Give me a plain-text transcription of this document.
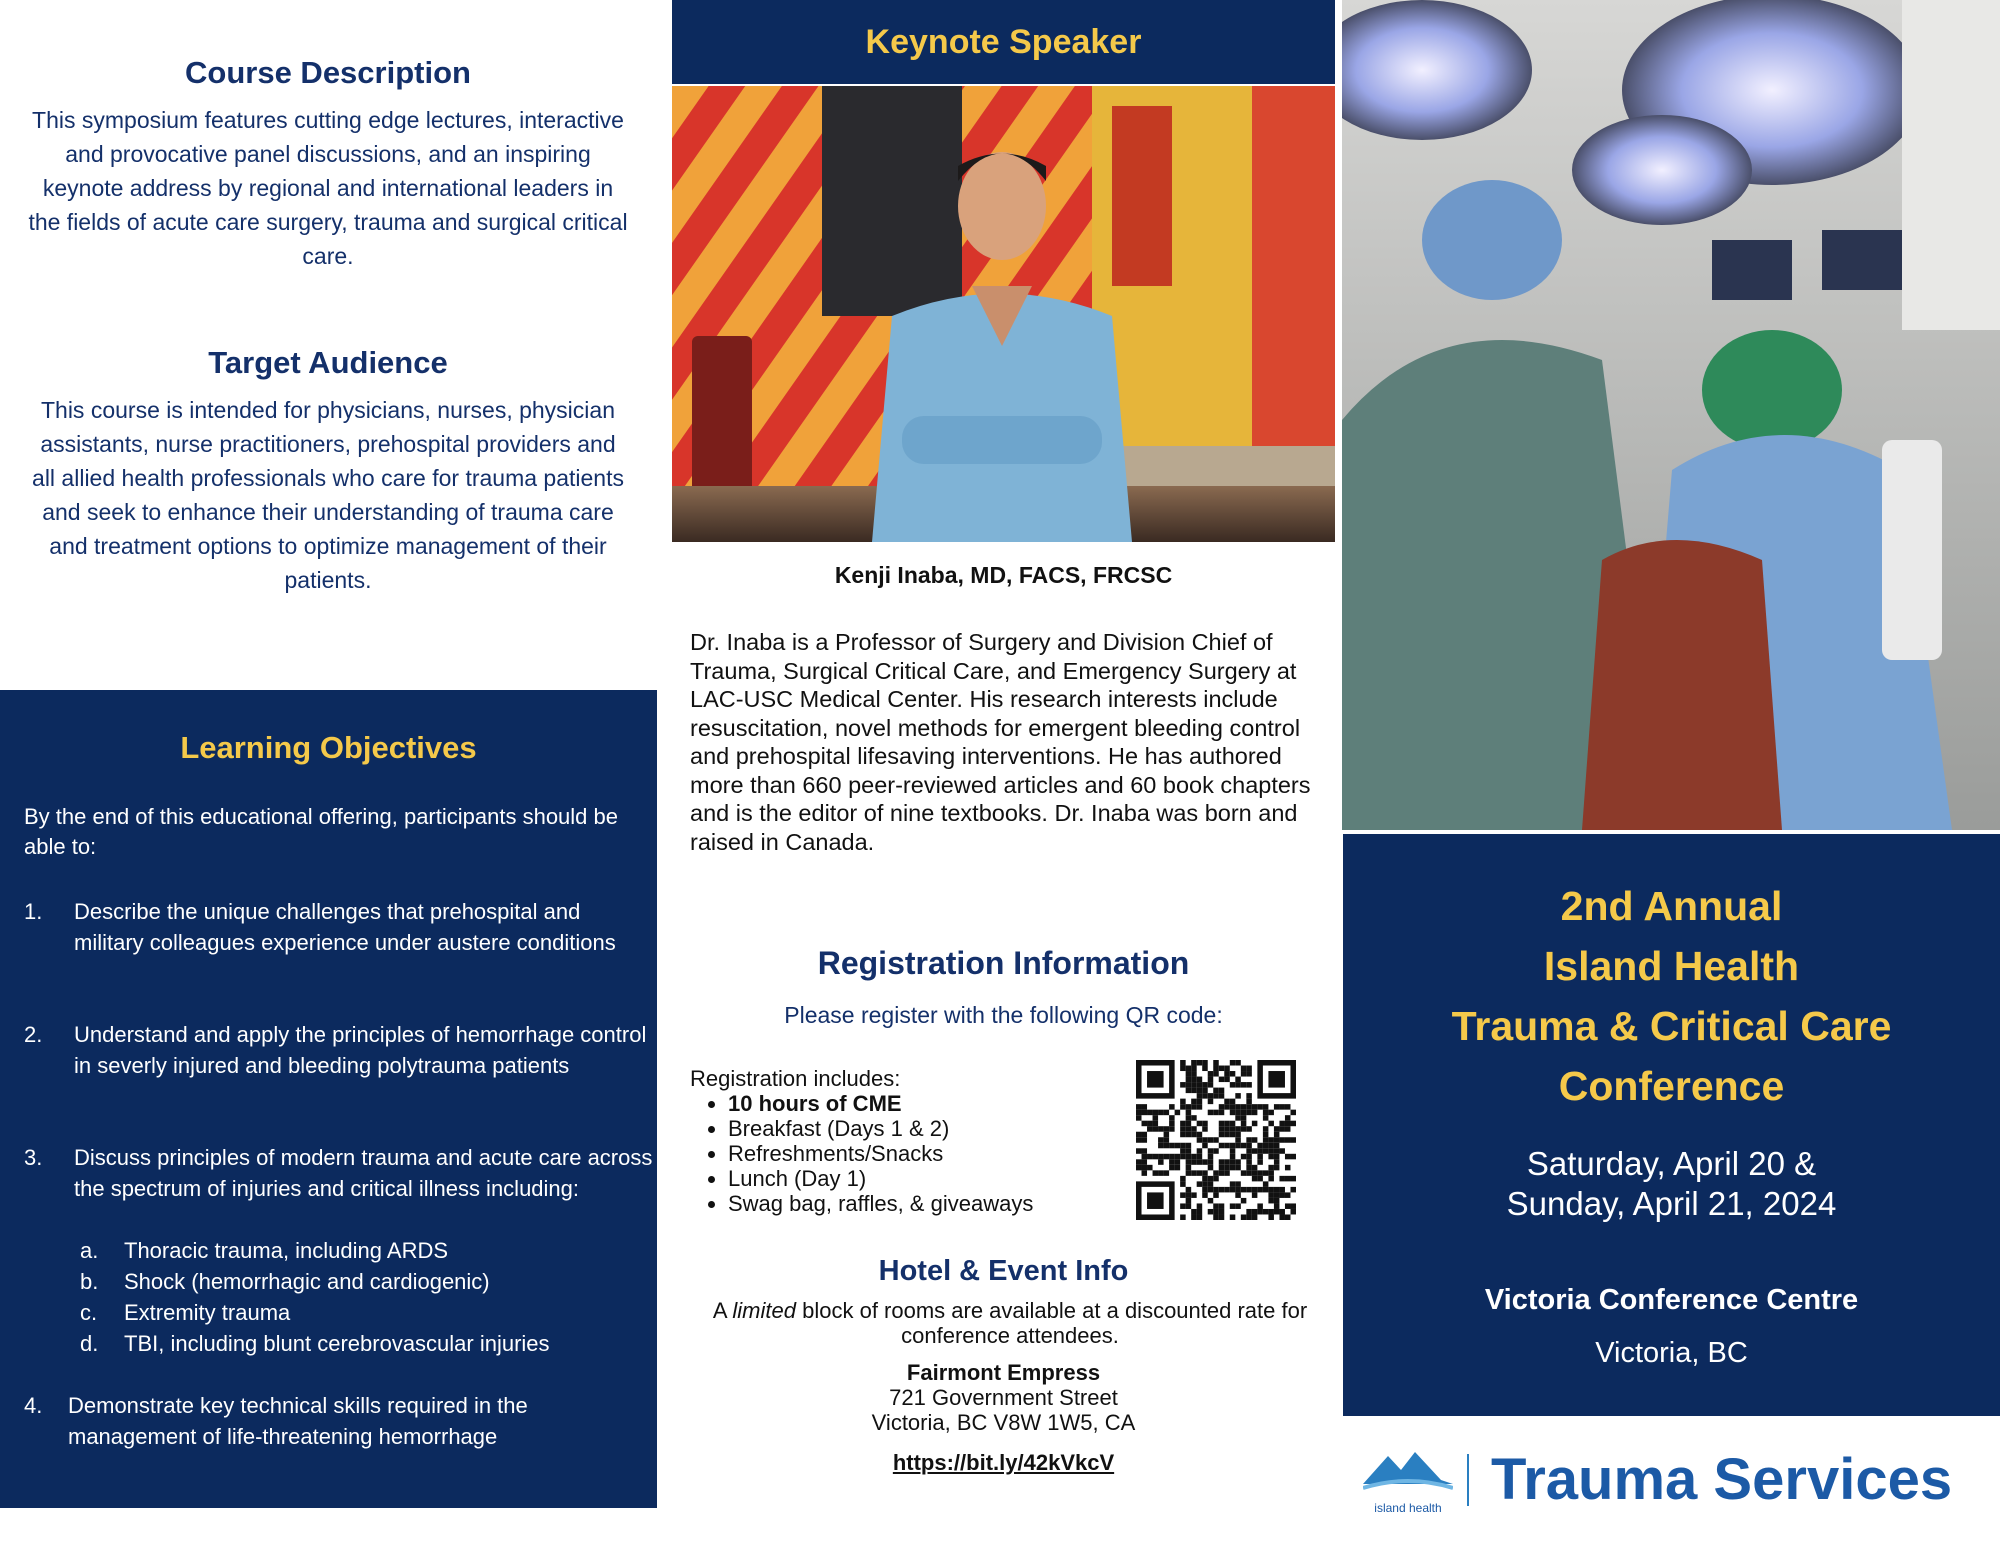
Course Description

This symposium features cutting edge lectures, interactive and provocative panel discussions, and an inspiring keynote address by regional and international leaders in the fields of acute care surgery, trauma and surgical critical care.

Target Audience

This course is intended for physicians, nurses, physician assistants, nurse practitioners, prehospital providers and all allied health professionals who care for trauma patients and seek to enhance their understanding of trauma care and treatment options to optimize management of their patients.

Learning Objectives
By the end of this educational offering, participants should be able to:
1. Describe the unique challenges that prehospital and military colleagues experience under austere conditions
2. Understand and apply the principles of hemorrhage control in severly injured and bleeding polytrauma patients
3. Discuss principles of modern trauma and acute care across the spectrum of injuries and critical illness including:
a. Thoracic trauma, including ARDS
b. Shock (hemorrhagic and cardiogenic)
c. Extremity trauma
d. TBI, including blunt cerebrovascular injuries
4. Demonstrate key technical skills required in the management of life-threatening hemorrhage
Keynote Speaker
Kenji Inaba, MD, FACS, FRCSC
Dr. Inaba is a Professor of Surgery and Division Chief of Trauma, Surgical Critical Care, and Emergency Surgery at LAC-USC Medical Center. His research interests include resuscitation, novel methods for emergent bleeding control and prehospital lifesaving interventions. He has authored more than 660 peer-reviewed articles and 60 book chapters and is the editor of nine textbooks. Dr. Inaba was born and raised in Canada.
Registration Information
Please register with the following QR code:
Registration includes:
• 10 hours of CME
• Breakfast (Days 1 & 2)
• Refreshments/Snacks
• Lunch (Day 1)
• Swag bag, raffles, & giveaways
Hotel & Event Info
A limited block of rooms are available at a discounted rate for conference attendees.
Fairmont Empress
721 Government Street
Victoria, BC V8W 1W5, CA
https://bit.ly/42kVkcV
2nd Annual
Island Health
Trauma & Critical Care
Conference
Saturday, April 20 &
Sunday, April 21, 2024
Victoria Conference Centre
Victoria, BC
island health Trauma Services
